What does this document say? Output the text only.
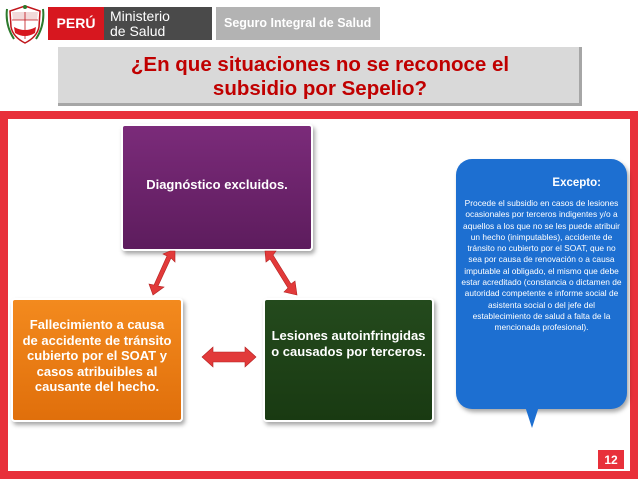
PERÚ	Ministerio
de Salud	Seguro Integral de Salud
¿En que situaciones no se reconoce el
subsidio por Sepelio?
Diagnóstico excluidos.
Fallecimiento a causa de accidente de tránsito cubierto por el SOAT y casos atribuibles al causante del hecho.
Lesiones autoinfringidas o causados por terceros.
Excepto:
Procede el subsidio en casos de lesiones ocasionales por terceros indigentes y/o a aquellos a los que no se les puede atribuir un hecho (inimputables), accidente de tránsito no cubierto por el SOAT, que no sea por causa de renovación o a causa imputable al obligado, el mismo que debe estar acreditado (constancia o dictamen de autoridad competente e informe social de asistenta social o del jefe del establecimiento de salud a falta de la mencionada profesional).
12
